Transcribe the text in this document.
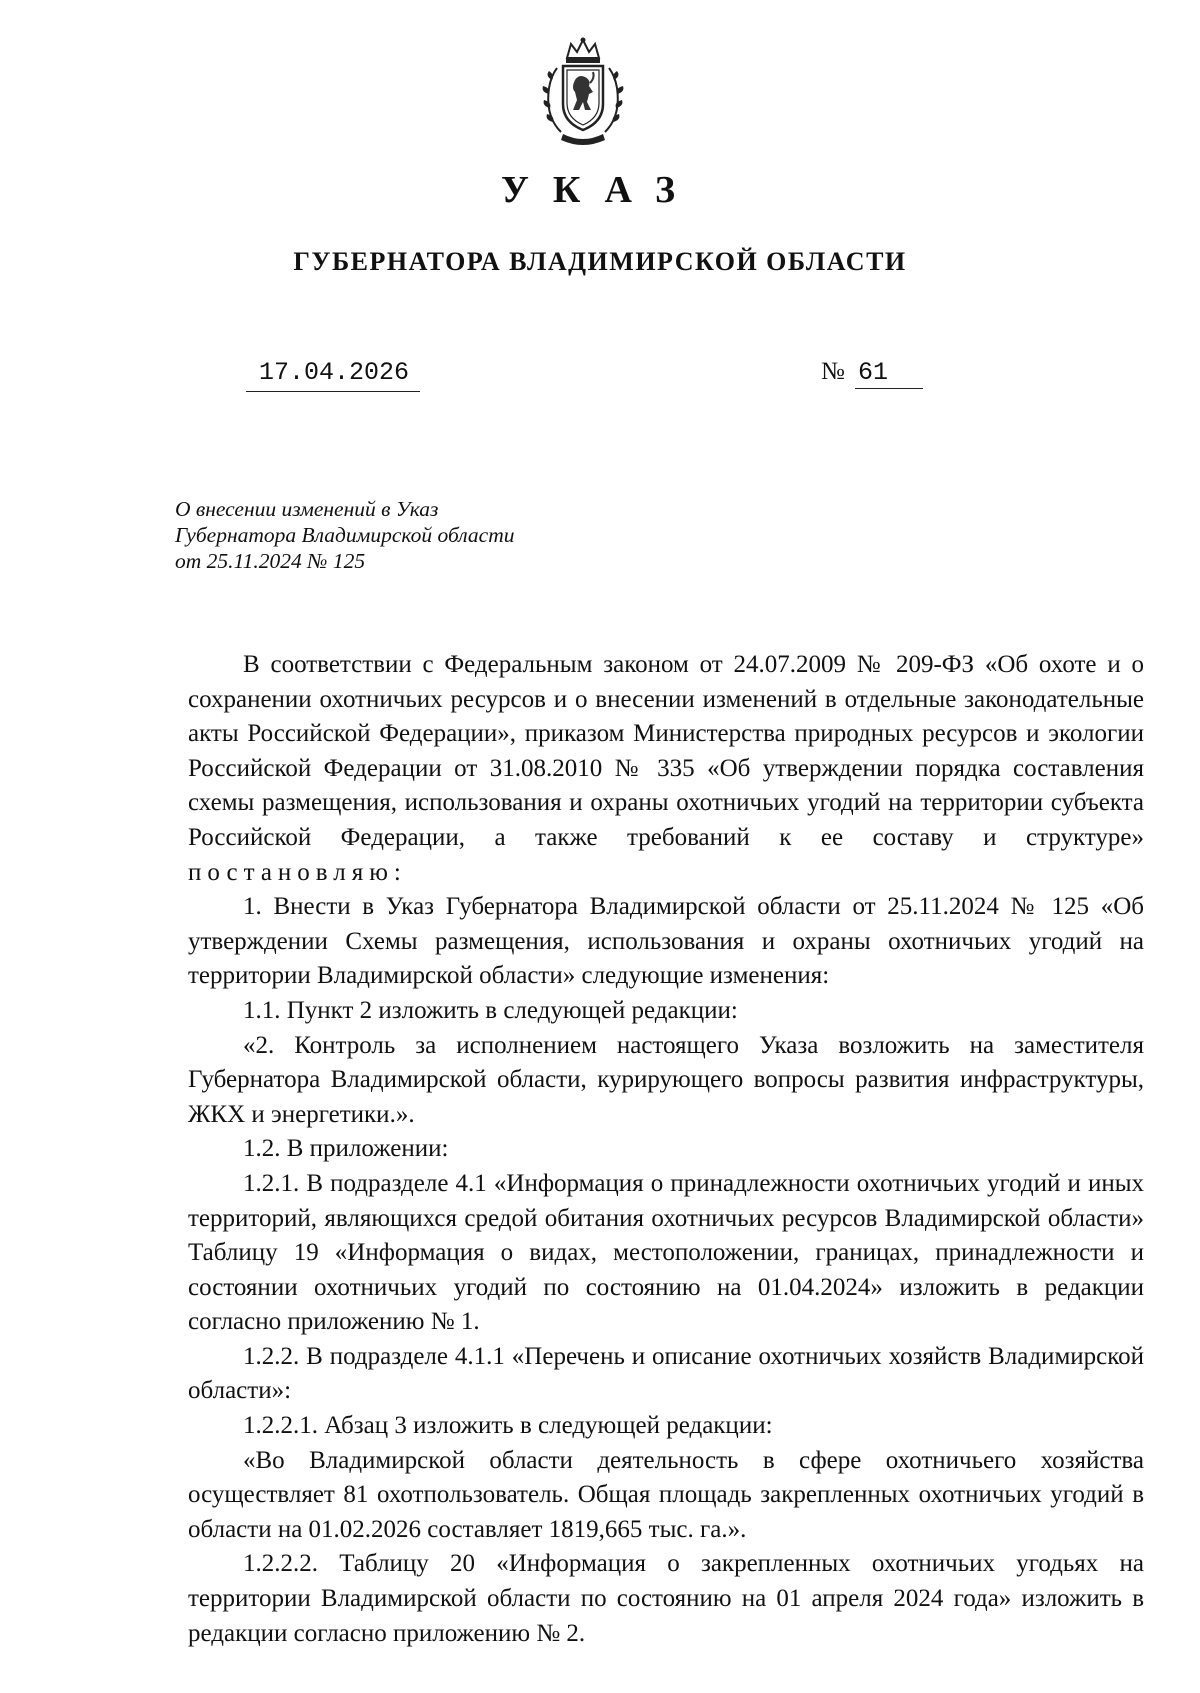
УКАЗ
ГУБЕРНАТОРА ВЛАДИМИРСКОЙ ОБЛАСТИ
17.04.2026	№ 61
О внесении изменений в Указ
Губернатора Владимирской области
от 25.11.2024 № 125

В соответствии с Федеральным законом от 24.07.2009 № 209-ФЗ «Об охоте и о сохранении охотничьих ресурсов и о внесении изменений в отдельные законодательные акты Российской Федерации», приказом Министерства природных ресурсов и экологии Российской Федерации от 31.08.2010 № 335 «Об утверждении порядка составления схемы размещения, использования и охраны охотничьих угодий на территории субъекта Российской Федерации, а также требований к ее составу и структуре» постановляю:

1. Внести в Указ Губернатора Владимирской области от 25.11.2024 № 125 «Об утверждении Схемы размещения, использования и охраны охотничьих угодий на территории Владимирской области» следующие изменения:

1.1. Пункт 2 изложить в следующей редакции:

«2. Контроль за исполнением настоящего Указа возложить на заместителя Губернатора Владимирской области, курирующего вопросы развития инфраструктуры, ЖКХ и энергетики.».

1.2. В приложении:

1.2.1. В подразделе 4.1 «Информация о принадлежности охотничьих угодий и иных территорий, являющихся средой обитания охотничьих ресурсов Владимирской области» Таблицу 19 «Информация о видах, местоположении, границах, принадлежности и состоянии охотничьих угодий по состоянию на 01.04.2024» изложить в редакции согласно приложению № 1.

1.2.2. В подразделе 4.1.1 «Перечень и описание охотничьих хозяйств Владимирской области»:

1.2.2.1. Абзац 3 изложить в следующей редакции:

«Во Владимирской области деятельность в сфере охотничьего хозяйства осуществляет 81 охотпользователь. Общая площадь закрепленных охотничьих угодий в области на 01.02.2026 составляет 1819,665 тыс. га.».

1.2.2.2. Таблицу 20 «Информация о закрепленных охотничьих угодьях на территории Владимирской области по состоянию на 01 апреля 2024 года» изложить в редакции согласно приложению № 2.
